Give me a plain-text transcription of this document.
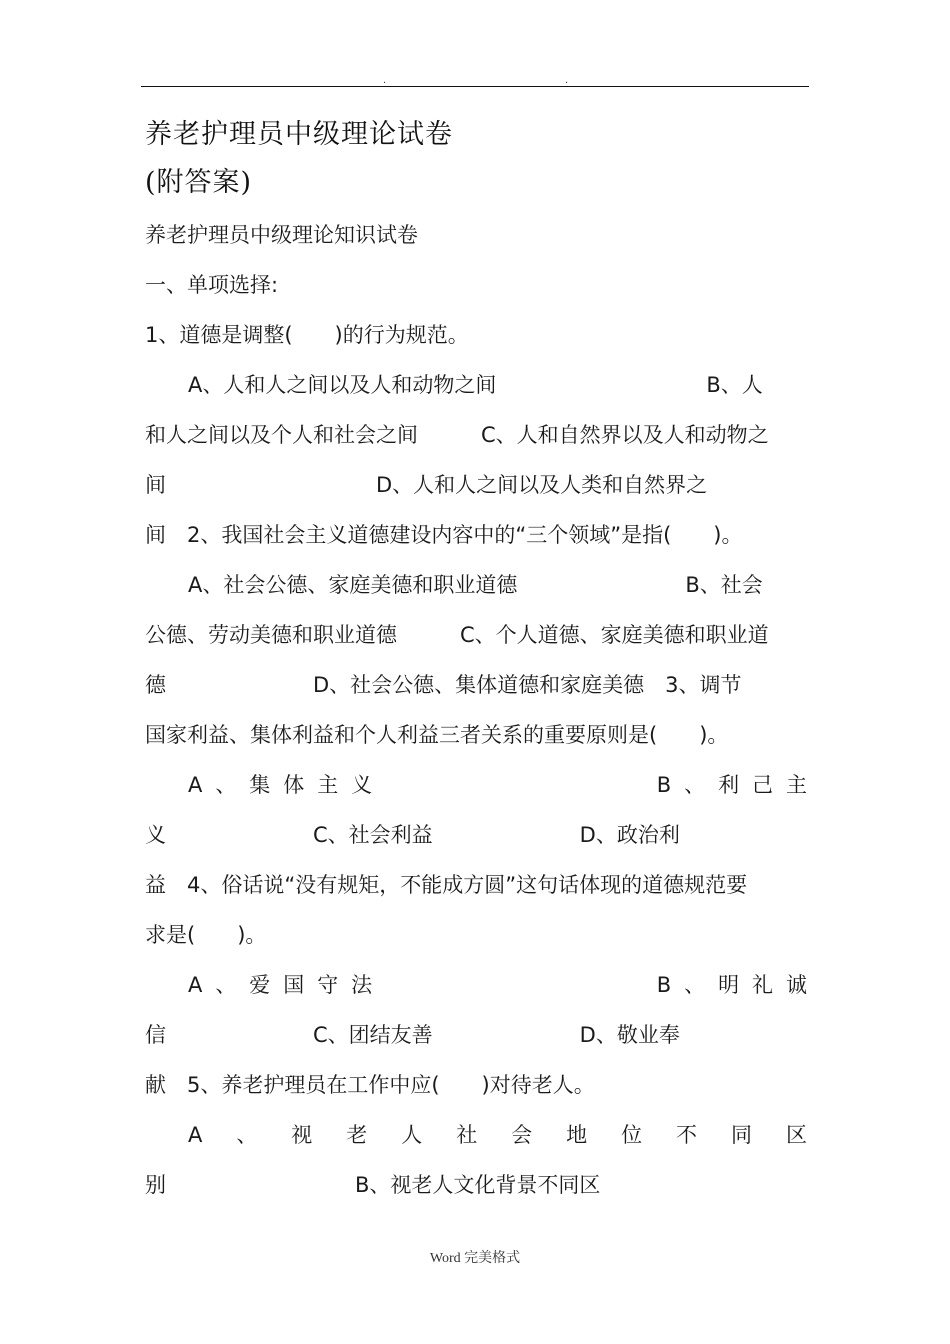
.	.
养老护理员中级理论试卷
(附答案)
养老护理员中级理论知识试卷
一、单项选择:
1、道德是调整(　　)的行为规范。
A、人和人之间以及人和动物之间　　　　　　　　　　B、人
和人之间以及个人和社会之间　　　C、人和自然界以及人和动物之
间　　　　　　　　　　D、人和人之间以及人类和自然界之
间　2、我国社会主义道德建设内容中的“三个领域”是指(　　)。
A、社会公德、家庭美德和职业道德　　　　　　　　B、社会
公德、劳动美德和职业道德　　　C、个人道德、家庭美德和职业道
德　　　　　　　D、社会公德、集体道德和家庭美德　3、调节
国家利益、集体利益和个人利益三者关系的重要原则是(　　)。
A、集体主义　　　　　　　　B、利己主
义　　　　　　　C、社会利益　　　　　　　D、政治利
益　4、俗话说“没有规矩，不能成方圆”这句话体现的道德规范要
求是(　　)。
A、爱国守法　　　　　　　　B、明礼诚
信　　　　　　　C、团结友善　　　　　　　D、敬业奉
献　5、养老护理员在工作中应(　　)对待老人。
A、视老人社会地位不同区
别　　　　　　　　　B、视老人文化背景不同区
Word 完美格式
